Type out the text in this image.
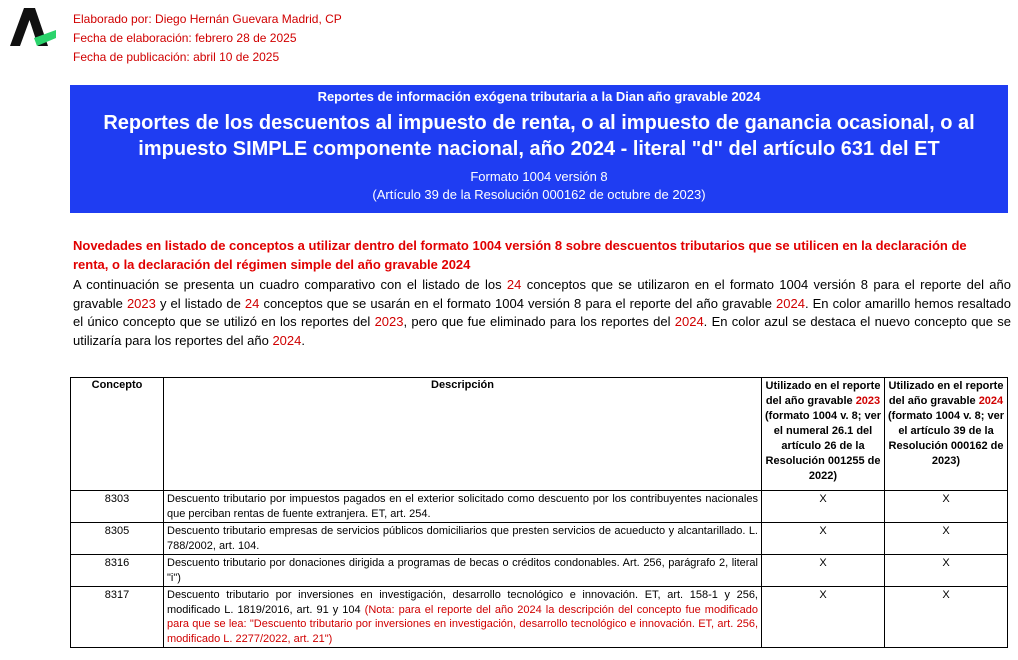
Elaborado por: Diego Hernán Guevara Madrid, CP
Fecha de elaboración: febrero 28 de 2025
Fecha de publicación: abril 10 de 2025
Reportes de información exógena tributaria a la Dian año gravable 2024
Reportes de los descuentos al impuesto de renta, o al impuesto de ganancia ocasional, o al impuesto SIMPLE componente nacional, año 2024 - literal "d" del artículo 631 del ET
Formato 1004 versión 8
(Artículo 39 de la Resolución 000162 de octubre de 2023)
Novedades en listado de conceptos a utilizar dentro del formato 1004 versión 8 sobre descuentos tributarios que se utilicen en la declaración de renta, o la declaración del régimen simple del año gravable 2024
A continuación se presenta un cuadro comparativo con el listado de los 24 conceptos que se utilizaron en el formato 1004 versión 8 para el reporte del año gravable 2023 y el listado de 24 conceptos que se usarán en el formato 1004 versión 8 para el reporte del año gravable 2024. En color amarillo hemos resaltado el único concepto que se utilizó en los reportes del 2023, pero que fue eliminado para los reportes del 2024. En color azul se destaca el nuevo concepto que se utilizaría para los reportes del año 2024.
Concepto	Descripción	Utilizado en el reporte del año gravable 2023 (formato 1004 v. 8; ver el numeral 26.1 del artículo 26 de la Resolución 001255 de 2022)	Utilizado en el reporte del año gravable 2024 (formato 1004 v. 8; ver el artículo 39 de la Resolución 000162 de 2023)
8303	Descuento tributario por impuestos pagados en el exterior solicitado como descuento por los contribuyentes nacionales que perciban rentas de fuente extranjera. ET, art. 254.	X	X
8305	Descuento tributario empresas de servicios públicos domiciliarios que presten servicios de acueducto y alcantarillado. L. 788/2002, art. 104.	X	X
8316	Descuento tributario por donaciones dirigida a programas de becas o créditos condonables. Art. 256, parágrafo 2, literal "i")	X	X
8317	Descuento tributario por inversiones en investigación, desarrollo tecnológico e innovación. ET, art. 158-1 y 256, modificado L. 1819/2016, art. 91 y 104 (Nota: para el reporte del año 2024 la descripción del concepto fue modificado para que se lea: "Descuento tributario por inversiones en investigación, desarrollo tecnológico e innovación. ET, art. 256, modificado L. 2277/2022, art. 21")	X	X
